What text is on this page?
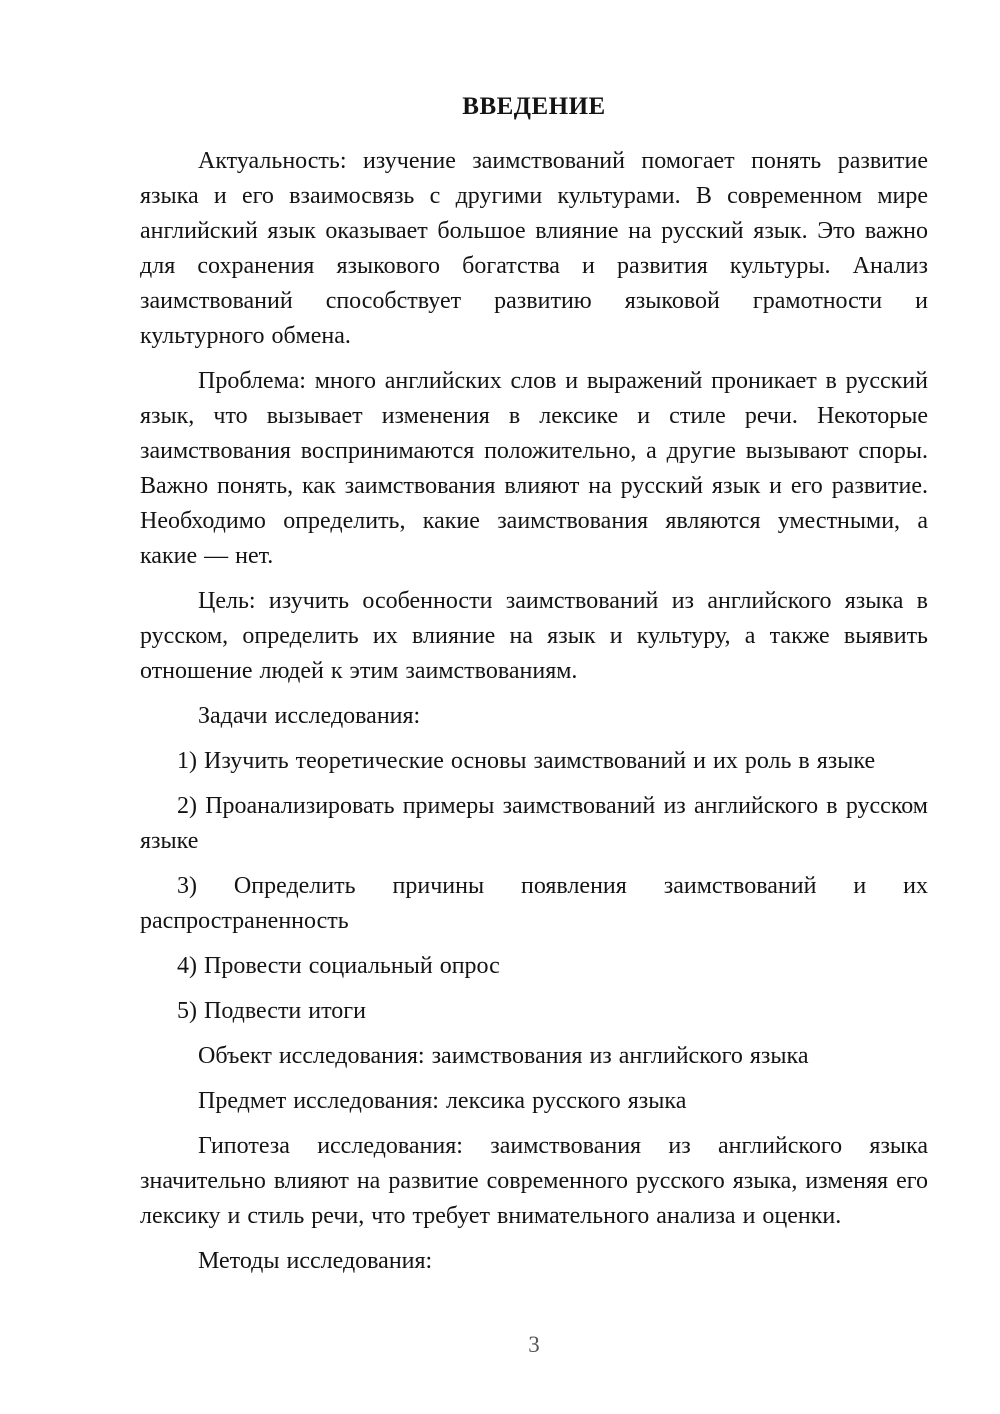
ВВЕДЕНИЕ

Актуальность: изучение заимствований помогает понять развитие языка и его взаимосвязь с другими культурами. В современном мире английский язык оказывает большое влияние на русский язык. Это важно для сохранения языкового богатства и развития культуры. Анализ заимствований способствует развитию языковой грамотности и культурного обмена.

Проблема: много английских слов и выражений проникает в русский язык, что вызывает изменения в лексике и стиле речи. Некоторые заимствования воспринимаются положительно, а другие вызывают споры. Важно понять, как заимствования влияют на русский язык и его развитие. Необходимо определить, какие заимствования являются уместными, а какие — нет.

Цель: изучить особенности заимствований из английского языка в русском, определить их влияние на язык и культуру, а также выявить отношение людей к этим заимствованиям.

Задачи исследования:

1) Изучить теоретические основы заимствований и их роль в языке

2) Проанализировать примеры заимствований из английского в русском языке

3) Определить причины появления заимствований и их распространенность

4) Провести социальный опрос

5) Подвести итоги

Объект исследования: заимствования из английского языка

Предмет исследования: лексика русского языка

Гипотеза исследования: заимствования из английского языка значительно влияют на развитие современного русского языка, изменяя его лексику и стиль речи, что требует внимательного анализа и оценки.

Методы исследования:

3
